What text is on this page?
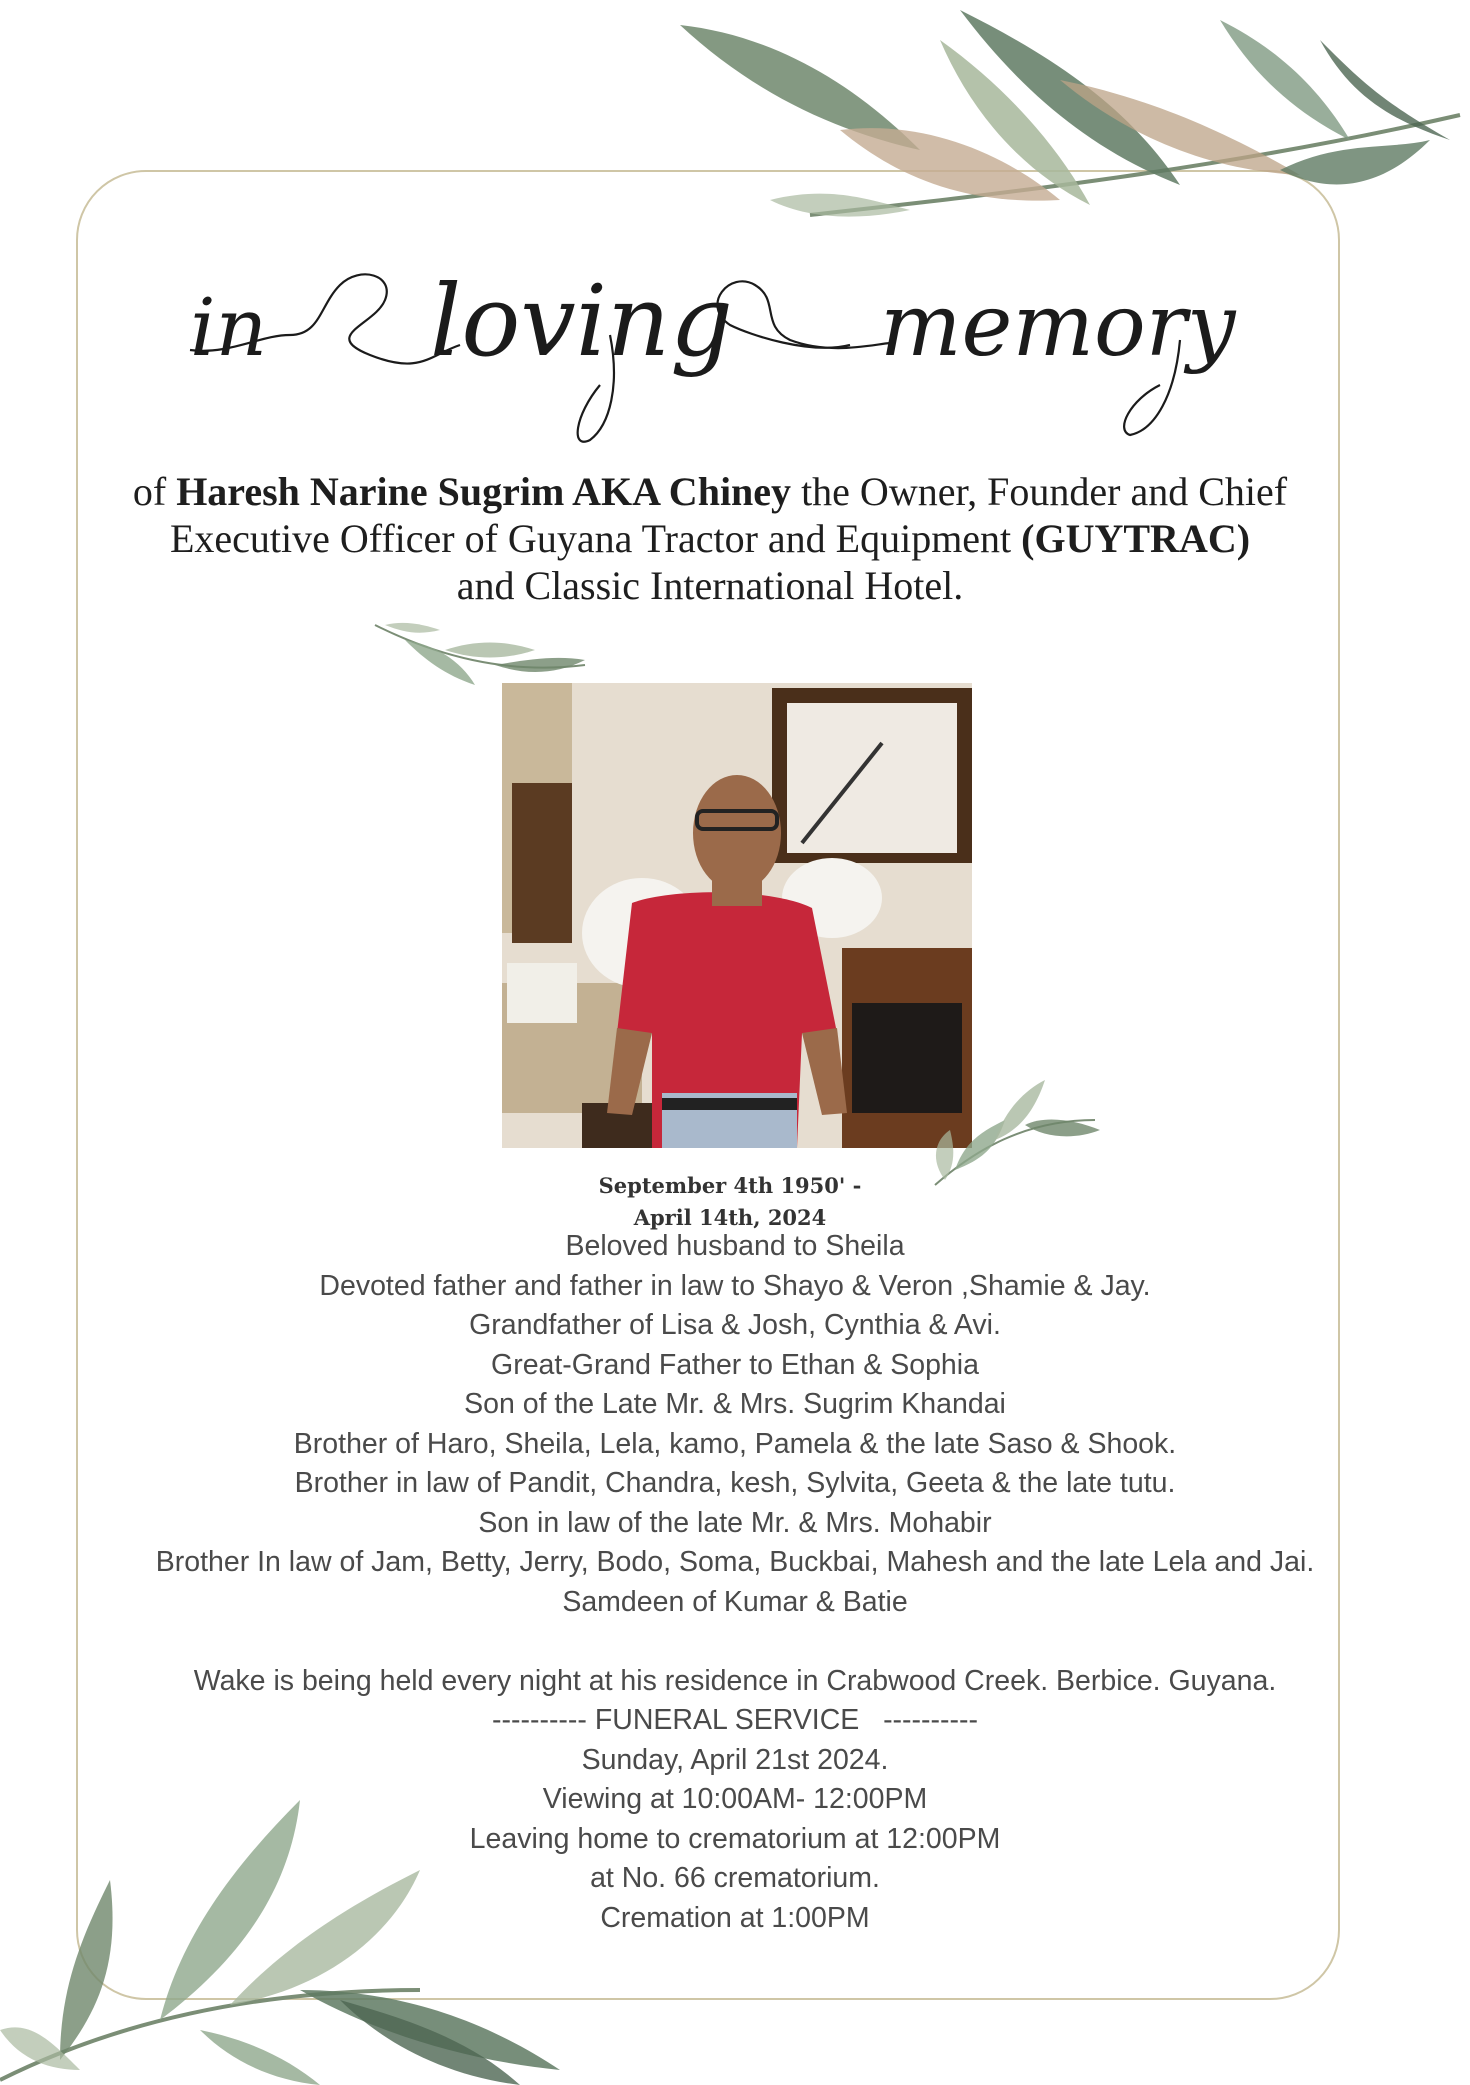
in loving memory
of Haresh Narine Sugrim AKA Chiney the Owner, Founder and Chief
Executive Officer of Guyana Tractor and Equipment (GUYTRAC)
and Classic International Hotel.
September 4th 1950' -
April 14th, 2024
Beloved husband to Sheila
Devoted father and father in law to Shayo & Veron ,Shamie & Jay.
Grandfather of Lisa & Josh, Cynthia & Avi.
Great-Grand Father to Ethan & Sophia
Son of the Late Mr. & Mrs. Sugrim Khandai
Brother of Haro, Sheila, Lela, kamo, Pamela & the late Saso & Shook.
Brother in law of Pandit, Chandra, kesh, Sylvita, Geeta & the late tutu.
Son in law of the late Mr. & Mrs. Mohabir
Brother In law of Jam, Betty, Jerry, Bodo, Soma, Buckbai, Mahesh and the late Lela and Jai.
Samdeen of Kumar & Batie
Wake is being held every night at his residence in Crabwood Creek. Berbice. Guyana.
---------- FUNERAL SERVICE   ----------
Sunday, April 21st 2024.
Viewing at 10:00AM- 12:00PM
Leaving home to crematorium at 12:00PM
at No. 66 crematorium.
Cremation at 1:00PM
